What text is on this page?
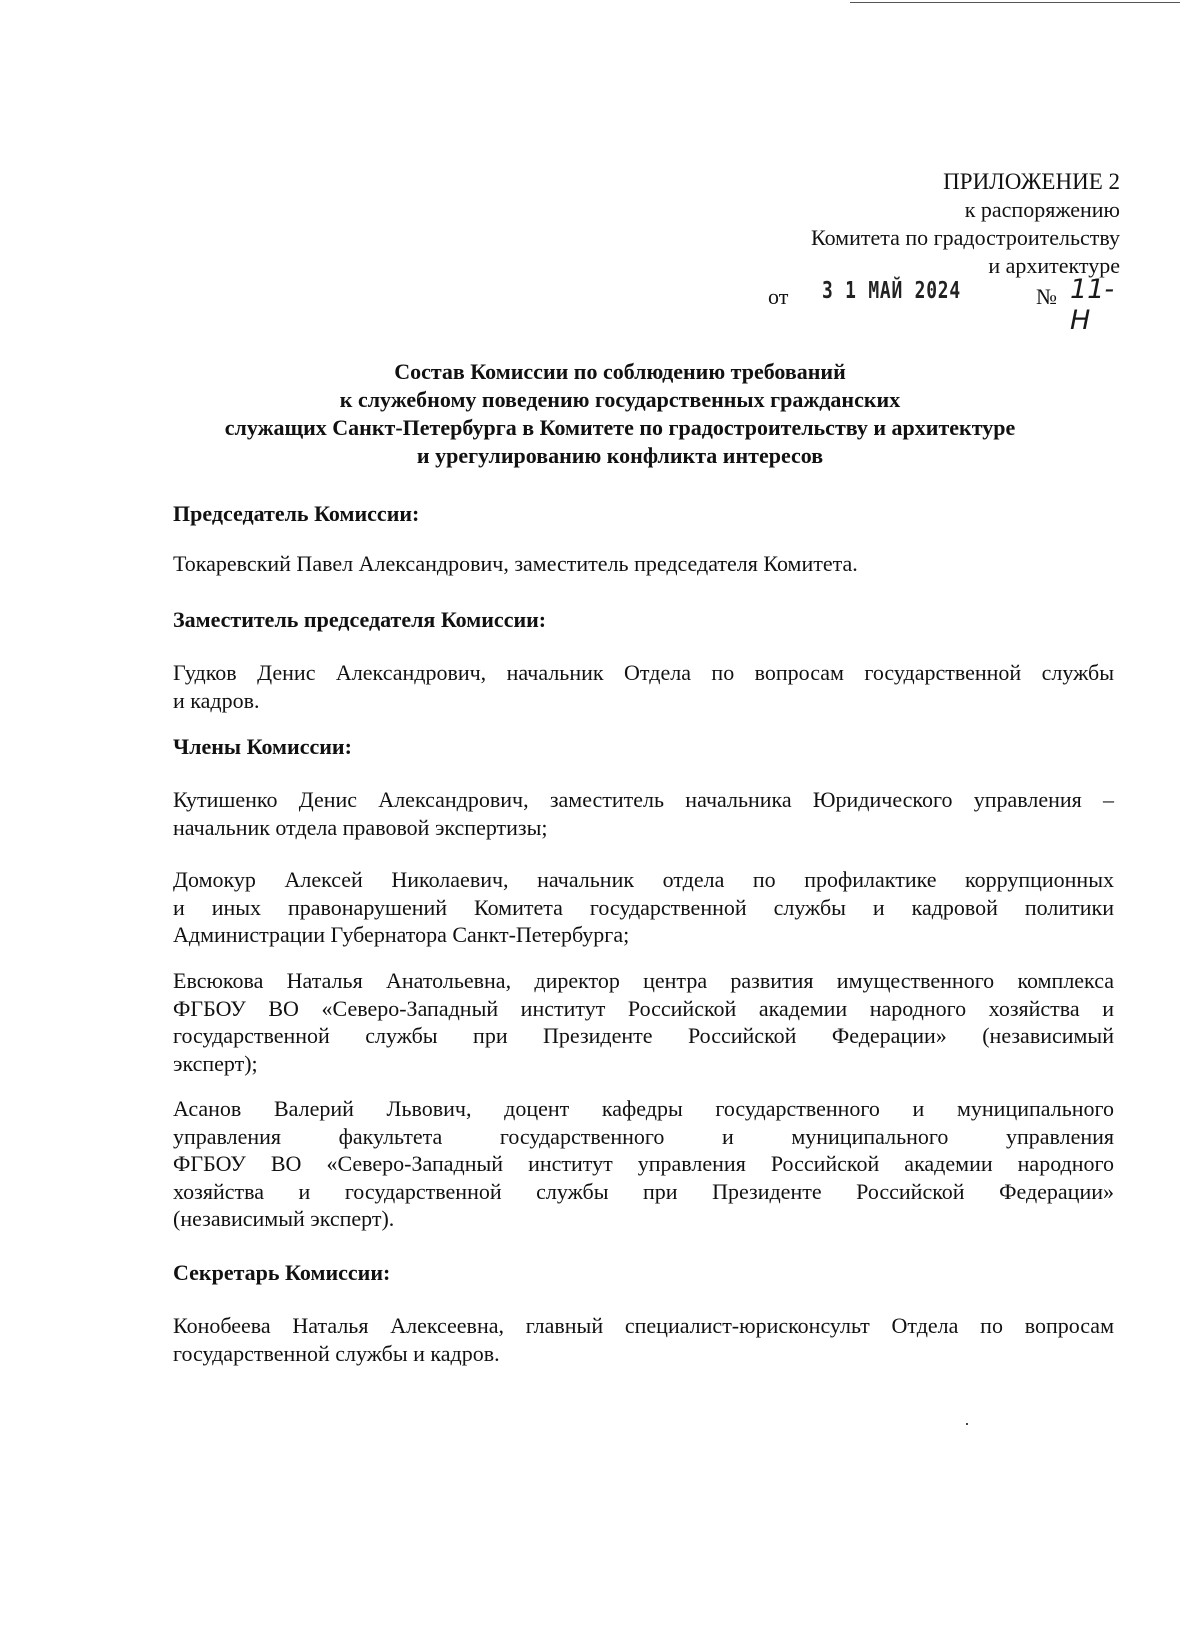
ПРИЛОЖЕНИЕ 2
к распоряжению
Комитета по градостроительству
и архитектуре
от 3 1 МАЙ 2024	№ 11-Н
Состав Комиссии по соблюдению требований
к служебному поведению государственных гражданских
служащих Санкт-Петербурга в Комитете по градостроительству и архитектуре
и урегулированию конфликта интересов
Председатель Комиссии:
Токаревский Павел Александрович, заместитель председателя Комитета.
Заместитель председателя Комиссии:
Гудков Денис Александрович, начальник Отдела по вопросам государственной службы
и кадров.
Члены Комиссии:
Кутишенко Денис Александрович, заместитель начальника Юридического управления –
начальник отдела правовой экспертизы;
Домокур Алексей Николаевич, начальник отдела по профилактике коррупционных
и иных правонарушений Комитета государственной службы и кадровой политики
Администрации Губернатора Санкт-Петербурга;
Евсюкова Наталья Анатольевна, директор центра развития имущественного комплекса
ФГБОУ ВО «Северо-Западный институт Российской академии народного хозяйства и
государственной службы при Президенте Российской Федерации» (независимый
эксперт);
Асанов Валерий Львович, доцент кафедры государственного и муниципального
управления факультета государственного и муниципального управления
ФГБОУ ВО «Северо-Западный институт управления Российской академии народного
хозяйства и государственной службы при Президенте Российской Федерации»
(независимый эксперт).
Секретарь Комиссии:
Конобеева Наталья Алексеевна, главный специалист-юрисконсульт Отдела по вопросам
государственной службы и кадров.
